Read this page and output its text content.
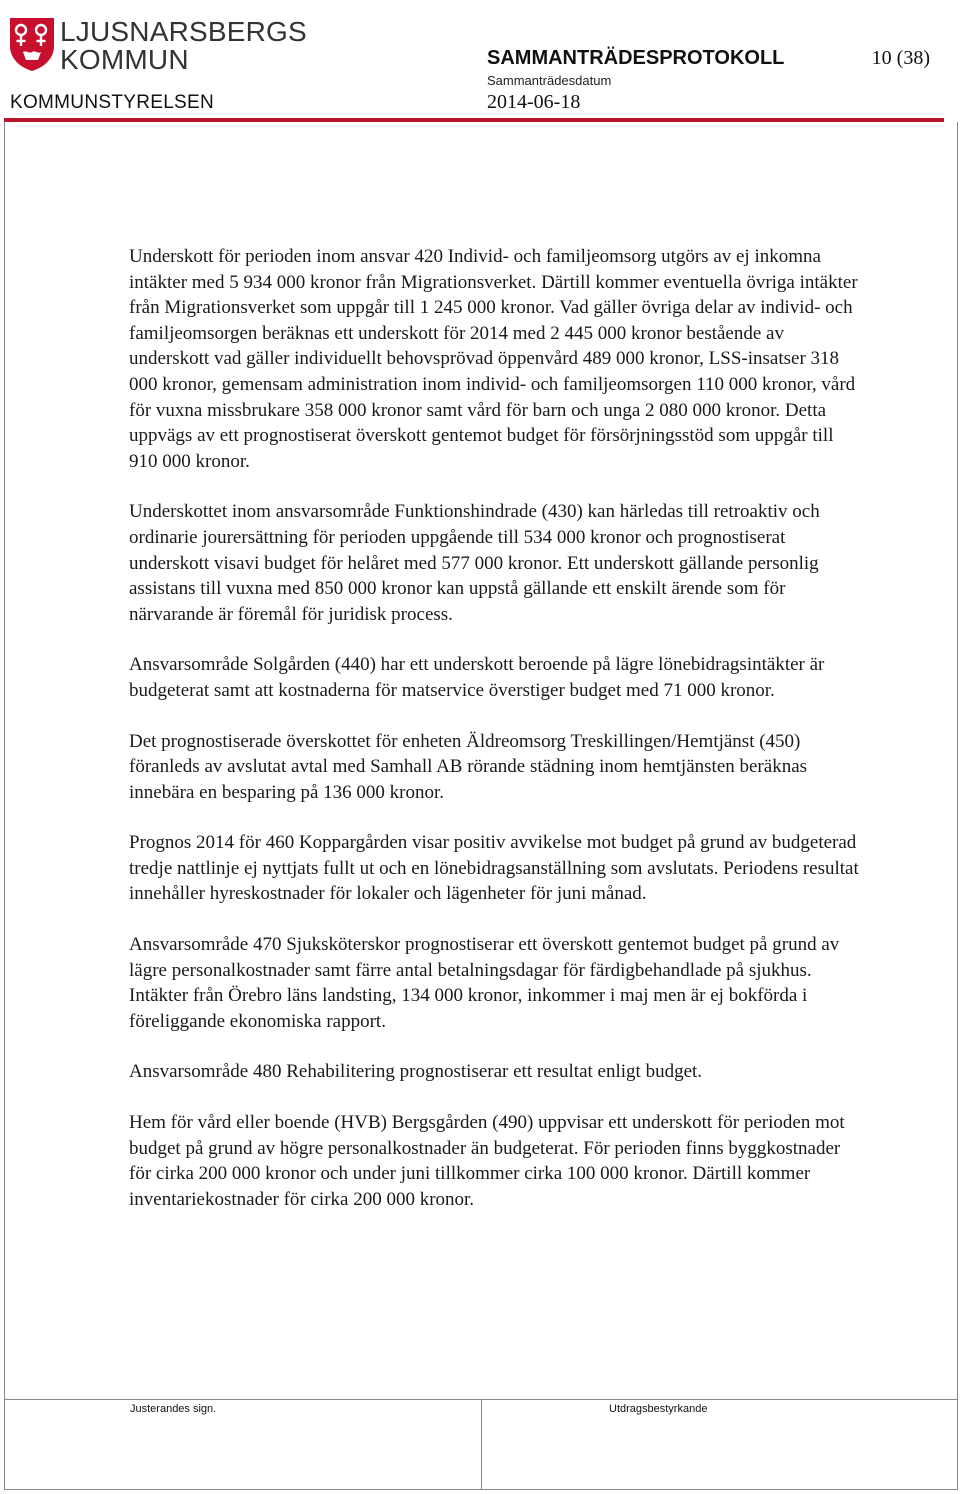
LJUSNARSBERGS
KOMMUN
KOMMUNSTYRELSEN
SAMMANTRÄDESPROTOKOLL	10 (38)
Sammanträdesdatum
2014-06-18

Underskott för perioden inom ansvar 420 Individ- och familjeomsorg utgörs av ej inkomna intäkter med 5 934 000 kronor från Migrationsverket. Därtill kommer eventuella övriga intäkter från Migrationsverket som uppgår till 1 245 000 kronor. Vad gäller övriga delar av individ- och familjeomsorgen beräknas ett underskott för 2014 med 2 445 000 kronor bestående av underskott vad gäller individuellt behovsprövad öppenvård 489 000 kronor, LSS-insatser 318 000 kronor, gemensam administration inom individ- och familjeomsorgen 110 000 kronor, vård för vuxna missbrukare 358 000 kronor samt vård för barn och unga 2 080 000 kronor. Detta uppvägs av ett prognostiserat överskott gentemot budget för försörjningsstöd som uppgår till 910 000 kronor.

Underskottet inom ansvarsområde Funktionshindrade (430) kan härledas till retroaktiv och ordinarie jourersättning för perioden uppgående till 534 000 kronor och prognostiserat underskott visavi budget för helåret med 577 000 kronor. Ett underskott gällande personlig assistans till vuxna med 850 000 kronor kan uppstå gällande ett enskilt ärende som för närvarande är föremål för juridisk process.

Ansvarsområde Solgården (440) har ett underskott beroende på lägre lönebidragsintäkter är budgeterat samt att kostnaderna för matservice överstiger budget med 71 000 kronor.

Det prognostiserade överskottet för enheten Äldreomsorg Treskillingen/Hemtjänst (450) föranleds av avslutat avtal med Samhall AB rörande städning inom hemtjänsten beräknas innebära en besparing på 136 000 kronor.

Prognos 2014 för 460 Koppargården visar positiv avvikelse mot budget på grund av budgeterad tredje nattlinje ej nyttjats fullt ut och en lönebidragsanställning som avslutats. Periodens resultat innehåller hyreskostnader för lokaler och lägenheter för juni månad.

Ansvarsområde 470 Sjuksköterskor prognostiserar ett överskott gentemot budget på grund av lägre personalkostnader samt färre antal betalningsdagar för färdigbehandlade på sjukhus. Intäkter från Örebro läns landsting, 134 000 kronor, inkommer i maj men är ej bokförda i föreliggande ekonomiska rapport.

Ansvarsområde 480 Rehabilitering prognostiserar ett resultat enligt budget.

Hem för vård eller boende (HVB) Bergsgården (490) uppvisar ett underskott för perioden mot budget på grund av högre personalkostnader än budgeterat. För perioden finns byggkostnader för cirka 200 000 kronor och under juni tillkommer cirka 100 000 kronor. Därtill kommer inventariekostnader för cirka 200 000 kronor.

Justerandes sign.	Utdragsbestyrkande
